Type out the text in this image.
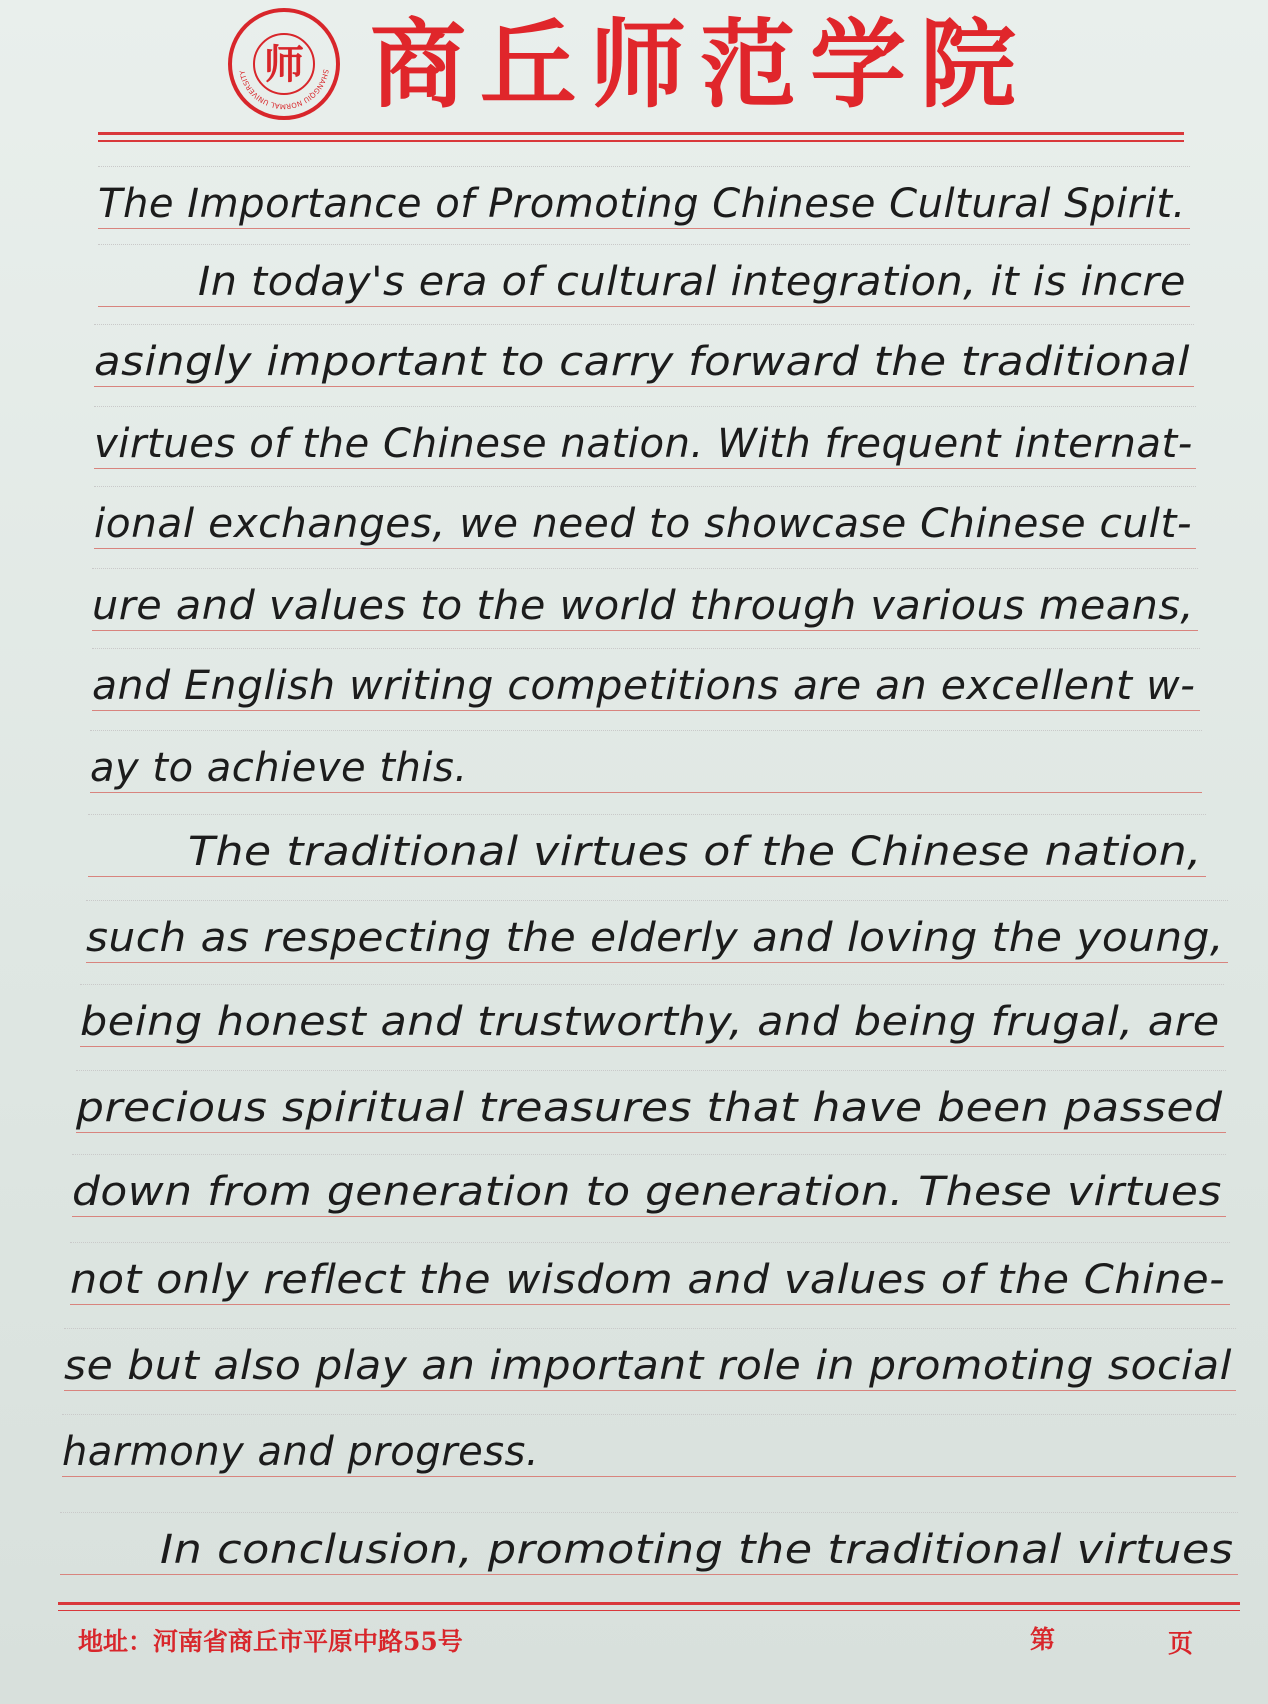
SHANGQIU NORMAL UNIVERSITY 师 商丘师范学院
The Importance of Promoting Chinese Cultural Spirit.
In today's era of cultural integration, it is incre
asingly important to carry forward the traditional
virtues of the Chinese nation. With frequent internat-
ional exchanges, we need to showcase Chinese cult-
ure and values to the world through various means,
and English writing competitions are an excellent w-
ay to achieve this.
The traditional virtues of the Chinese nation,
such as respecting the elderly and loving the young,
being honest and trustworthy, and being frugal, are
precious spiritual treasures that have been passed
down from generation to generation. These virtues
not only reflect the wisdom and values of the Chine-
se but also play an important role in promoting social
harmony and progress.
In conclusion, promoting the traditional virtues
地址：河南省商丘市平原中路55号	第	页
